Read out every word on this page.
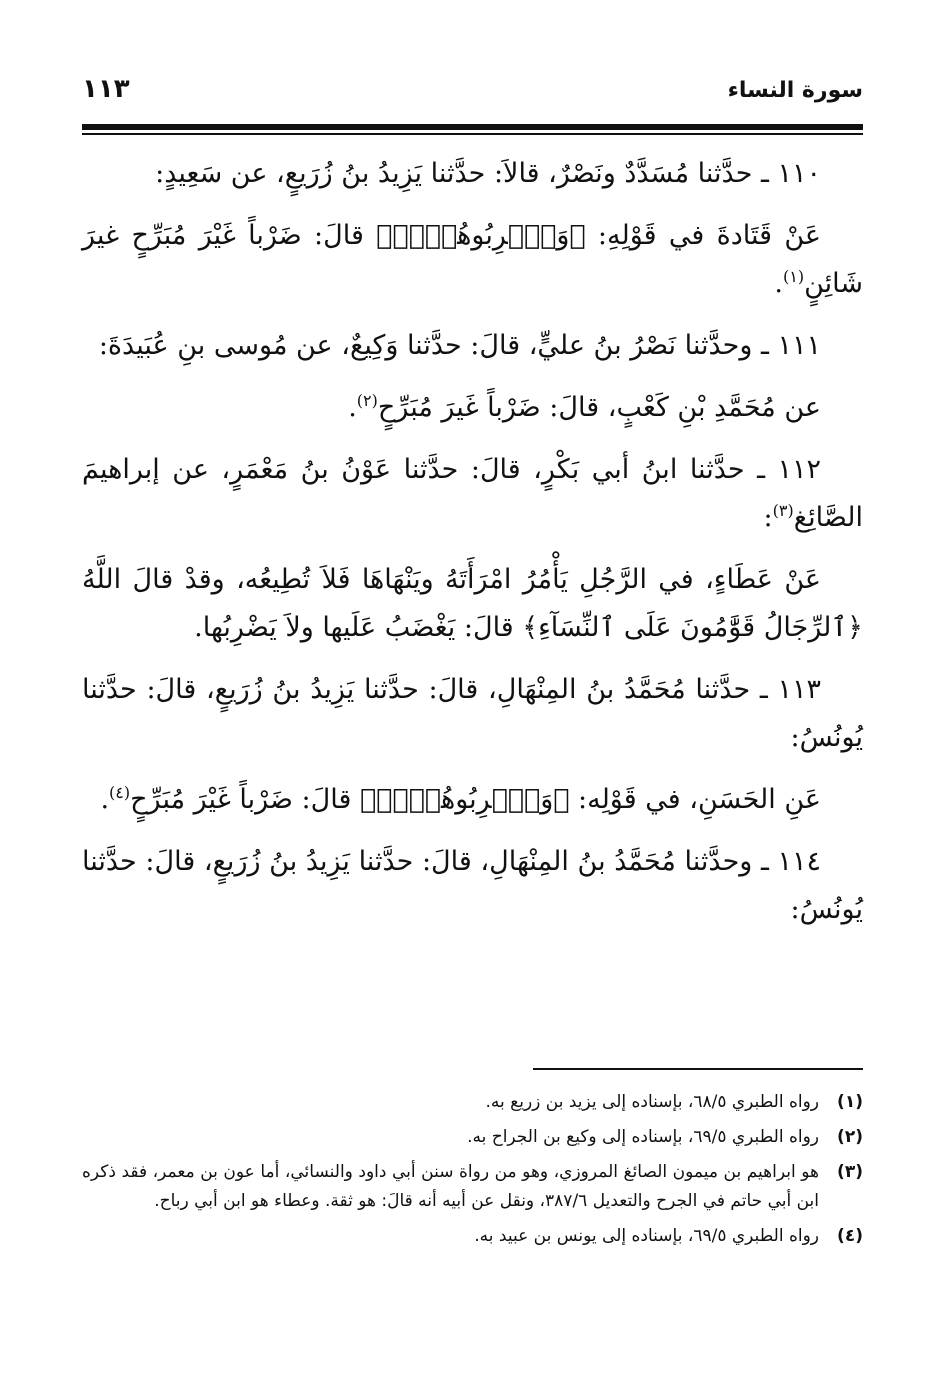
سورة النساء
١١٣

١١٠ ـ حدَّثنا مُسَدَّدٌ ونَصْرٌ، قالاَ: حدَّثنا يَزِيدُ بنُ زُرَيعٍ، عن سَعِيدٍ:

عَنْ قَتَادةَ في قَوْلِهِ: ﴿وَٱضۡرِبُوهُنَّۖ﴾ قالَ: ضَرْباً غَيْرَ مُبَرِّحٍ غيرَ شَائِنٍ$^{(١)}$.

١١١ ـ وحدَّثنا نَصْرُ بنُ عليٍّ، قالَ: حدَّثنا وَكِيعٌ، عن مُوسى بنِ عُبَيدَةَ:

عن مُحَمَّدِ بْنِ كَعْبٍ، قالَ: ضَرْباً غَيرَ مُبَرِّحٍ$^{(٢)}$.

١١٢ ـ حدَّثنا ابنُ أبي بَكْرٍ، قالَ: حدَّثنا عَوْنُ بنُ مَعْمَرٍ، عن إبراهيمَ الصَّائِغ$^{(٣)}$:

عَنْ عَطَاءٍ، في الرَّجُلِ يَأْمُرُ امْرَأَتَهُ ويَنْهَاهَا فَلاَ تُطِيعُه، وقدْ قالَ اللَّهُ ﴿ٱلرِّجَالُ قَوَّٰمُونَ عَلَى ٱلنِّسَآءِ﴾ قالَ: يَغْضَبُ عَلَيها ولاَ يَضْرِبُها.

١١٣ ـ حدَّثنا مُحَمَّدُ بنُ المِنْهَالِ، قالَ: حدَّثنا يَزِيدُ بنُ زُرَيعٍ، قالَ: حدَّثنا يُونُسُ:

عَنِ الحَسَنِ، في قَوْلِه: ﴿وَٱضۡرِبُوهُنَّۖ﴾ قالَ: ضَرْباً غَيْرَ مُبَرِّحٍ$^{(٤)}$.

١١٤ ـ وحدَّثنا مُحَمَّدُ بنُ المِنْهَالِ، قالَ: حدَّثنا يَزِيدُ بنُ زُرَيعٍ، قالَ: حدَّثنا يُونُسُ:

(١)
رواه الطبري ٦٨/٥، بإسناده إلى يزيد بن زريع به.
(٢)
رواه الطبري ٦٩/٥، بإسناده إلى وكيع بن الجراح به.
(٣)
هو ابراهيم بن ميمون الصائغ المروزي، وهو من رواة سنن أبي داود والنسائي، أما عون بن معمر، فقد ذكره ابن أبي حاتم في الجرح والتعديل ٣٨٧/٦، ونقل عن أبيه أنه قالَ: هو ثقة. وعطاء هو ابن أبي رباح.
(٤)
رواه الطبري ٦٩/٥، بإسناده إلى يونس بن عبيد به.
